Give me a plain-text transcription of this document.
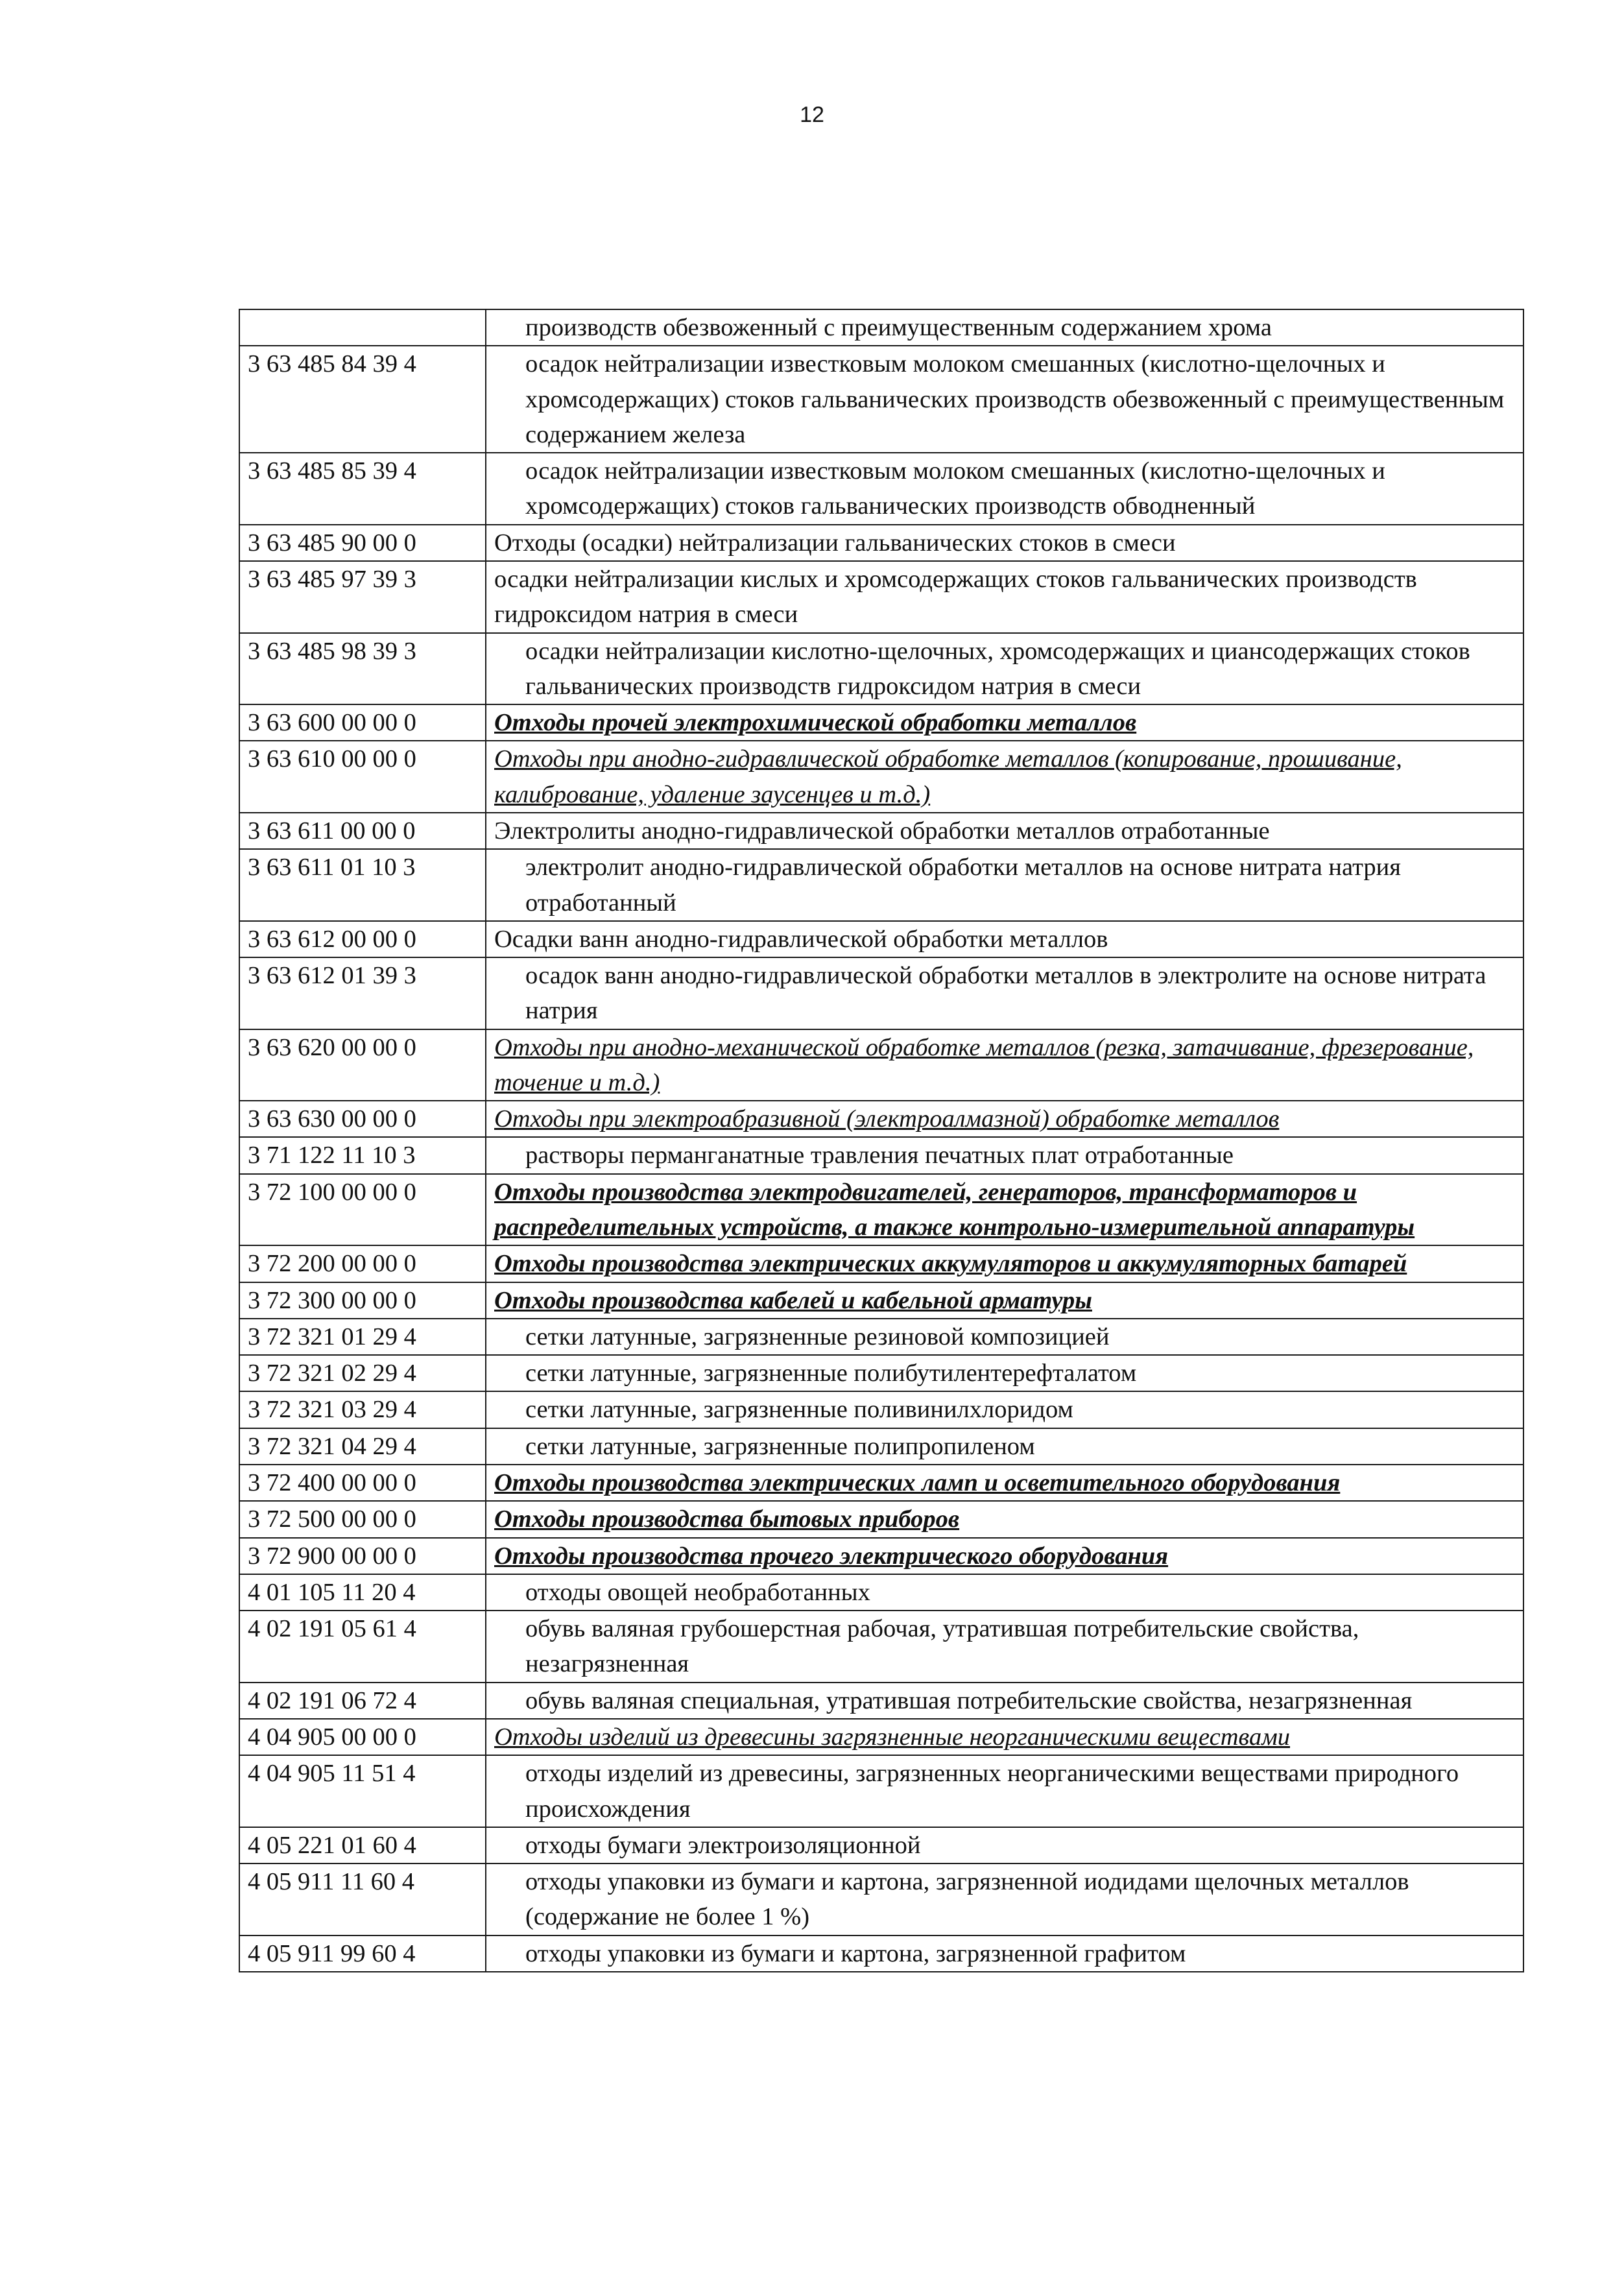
12
	производств обезвоженный с преимущественным содержанием хрома
3 63 485 84 39 4	осадок нейтрализации известковым молоком смешанных (кислотно-щелочных и хромсодержащих) стоков гальванических производств обезвоженный с преимущественным содержанием железа
3 63 485 85 39 4	осадок нейтрализации известковым молоком смешанных (кислотно-щелочных и хромсодержащих) стоков гальванических производств обводненный
3 63 485 90 00 0	Отходы (осадки) нейтрализации гальванических стоков в смеси
3 63 485 97 39 3	осадки нейтрализации кислых и хромсодержащих стоков гальванических производств гидроксидом натрия в смеси
3 63 485 98 39 3	осадки нейтрализации кислотно-щелочных, хромсодержащих и циансодержащих стоков гальванических производств гидроксидом натрия в смеси
3 63 600 00 00 0	Отходы прочей электрохимической обработки металлов
3 63 610 00 00 0	Отходы при анодно-гидравлической обработке металлов (копирование, прошивание, калибрование, удаление заусенцев и т.д.)
3 63 611 00 00 0	Электролиты анодно-гидравлической обработки металлов отработанные
3 63 611 01 10 3	электролит анодно-гидравлической обработки металлов на основе нитрата натрия отработанный
3 63 612 00 00 0	Осадки ванн анодно-гидравлической обработки металлов
3 63 612 01 39 3	осадок ванн анодно-гидравлической обработки металлов в электролите на основе нитрата натрия
3 63 620 00 00 0	Отходы при анодно-механической обработке металлов (резка, затачивание, фрезерование, точение и т.д.)
3 63 630 00 00 0	Отходы при электроабразивной (электроалмазной) обработке металлов
3 71 122 11 10 3	растворы перманганатные травления печатных плат отработанные
3 72 100 00 00 0	Отходы производства электродвигателей, генераторов, трансформаторов и распределительных устройств, а также контрольно-измерительной аппаратуры
3 72 200 00 00 0	Отходы производства электрических аккумуляторов и аккумуляторных батарей
3 72 300 00 00 0	Отходы производства кабелей и кабельной арматуры
3 72 321 01 29 4	сетки латунные, загрязненные резиновой композицией
3 72 321 02 29 4	сетки латунные, загрязненные полибутилентерефталатом
3 72 321 03 29 4	сетки латунные, загрязненные поливинилхлоридом
3 72 321 04 29 4	сетки латунные, загрязненные полипропиленом
3 72 400 00 00 0	Отходы производства электрических ламп и осветительного оборудования
3 72 500 00 00 0	Отходы производства бытовых приборов
3 72 900 00 00 0	Отходы производства прочего электрического оборудования
4 01 105 11 20 4	отходы овощей необработанных
4 02 191 05 61 4	обувь валяная грубошерстная рабочая, утратившая потребительские свойства, незагрязненная
4 02 191 06 72 4	обувь валяная специальная, утратившая потребительские свойства, незагрязненная
4 04 905 00 00 0	Отходы изделий из древесины загрязненные неорганическими веществами
4 04 905 11 51 4	отходы изделий из древесины, загрязненных неорганическими веществами природного происхождения
4 05 221 01 60 4	отходы бумаги электроизоляционной
4 05 911 11 60 4	отходы упаковки из бумаги и картона, загрязненной иодидами щелочных металлов (содержание не более 1 %)
4 05 911 99 60 4	отходы упаковки из бумаги и картона, загрязненной графитом
